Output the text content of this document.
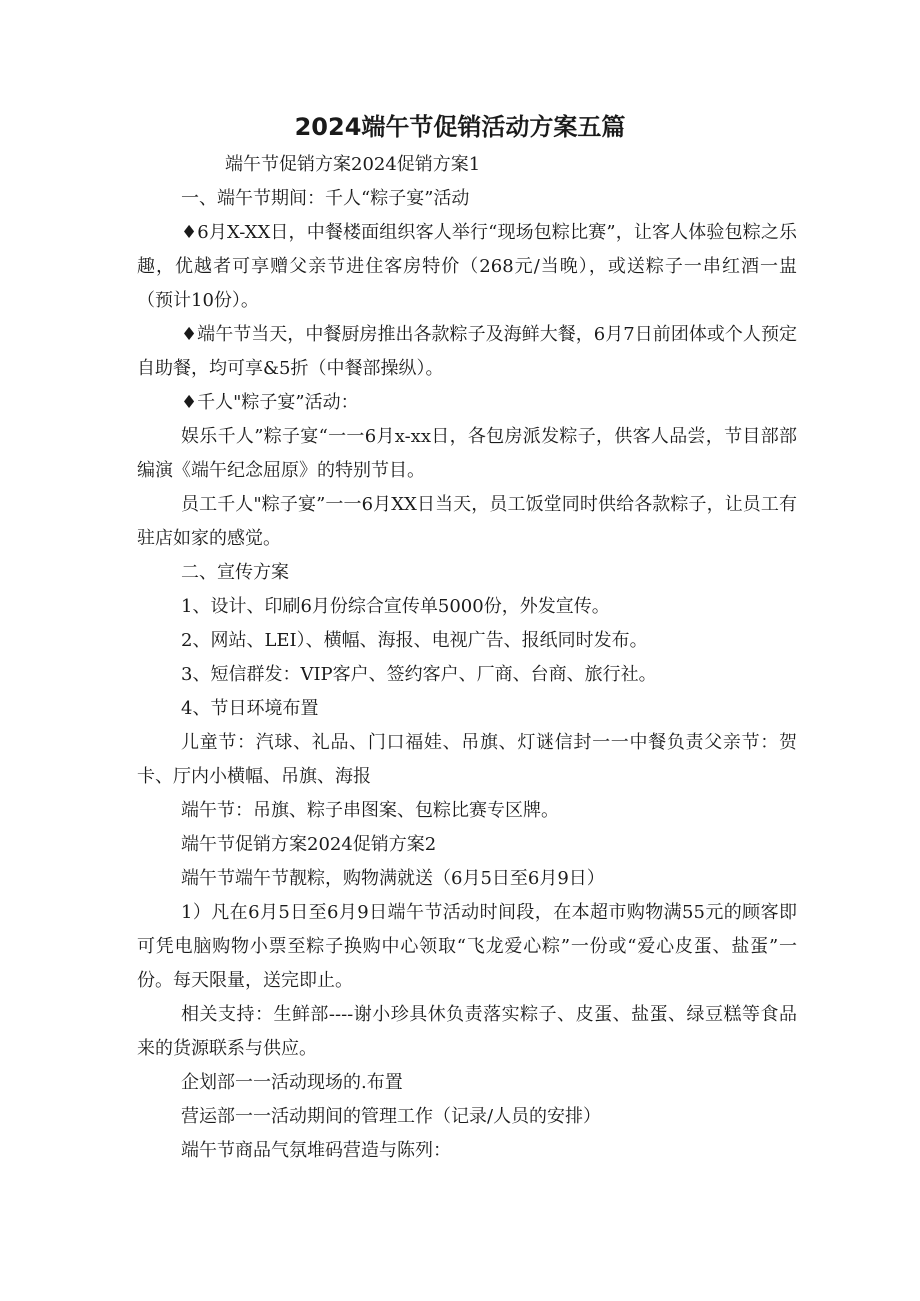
2024端午节促销活动方案五篇

端午节促销方案2024促销方案1

一、端午节期间：千人“粽子宴”活动

♦6月X-XX日，中餐楼面组织客人举行“现场包粽比赛”，让客人体验包粽之乐趣，优越者可享赠父亲节进住客房特价（268元/当晚），或送粽子一串红酒一盅（预计10份）。

♦端午节当天，中餐厨房推出各款粽子及海鲜大餐，6月7日前团体或个人预定自助餐，均可享&5折（中餐部操纵）。

♦千人"粽子宴”活动：

娱乐千人”粽子宴“一一6月x-xx日，各包房派发粽子，供客人品尝，节目部部编演《端午纪念屈原》的特别节目。

员工千人"粽子宴”一一6月XX日当天，员工饭堂同时供给各款粽子，让员工有驻店如家的感觉。

二、宣传方案

1、设计、印刷6月份综合宣传单5000份，外发宣传。

2、网站、LEI）、横幅、海报、电视广告、报纸同时发布。

3、短信群发：VIP客户、签约客户、厂商、台商、旅行社。

4、节日环境布置

儿童节：汽球、礼品、门口福娃、吊旗、灯谜信封一一中餐负责父亲节：贺卡、厅内小横幅、吊旗、海报

端午节：吊旗、粽子串图案、包粽比赛专区牌。

端午节促销方案2024促销方案2

端午节端午节靓粽，购物满就送（6月5日至6月9日）

1）凡在6月5日至6月9日端午节活动时间段，在本超市购物满55元的顾客即可凭电脑购物小票至粽子换购中心领取“飞龙爱心粽”一份或“爱心皮蛋、盐蛋”一份。每天限量，送完即止。

相关支持：生鲜部----谢小珍具休负责落实粽子、皮蛋、盐蛋、绿豆糕等食品来的货源联系与供应。

企划部一一活动现场的.布置

营运部一一活动期间的管理工作（记录/人员的安排）

端午节商品气氛堆码营造与陈列：
